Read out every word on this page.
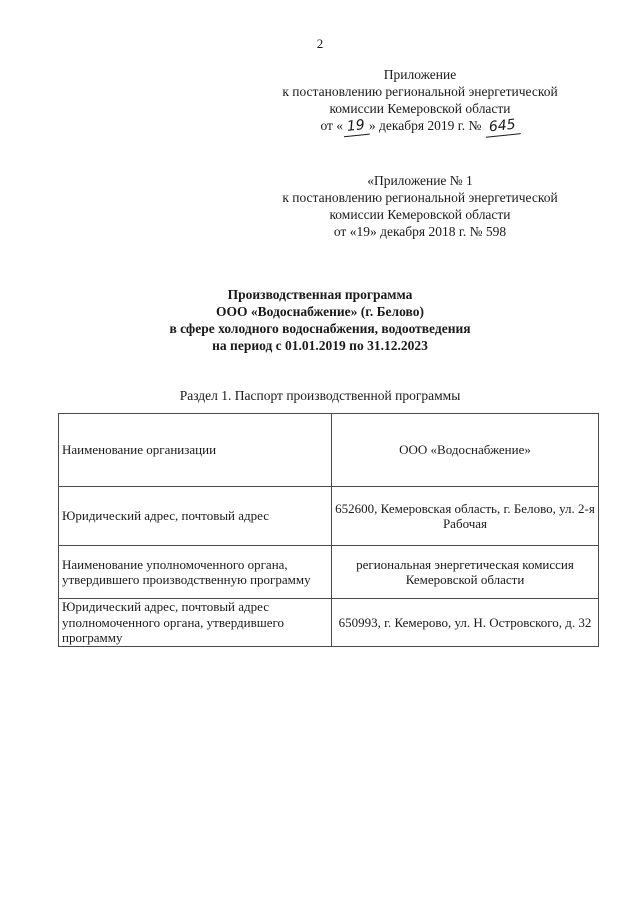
2
Приложение
к постановлению региональной энергетической
комиссии Кемеровской области
от « 19 » декабря 2019 г. № 645
«Приложение № 1
к постановлению региональной энергетической
комиссии Кемеровской области
от «19» декабря 2018 г. № 598
Производственная программа
ООО «Водоснабжение» (г. Белово)
в сфере холодного водоснабжения, водоотведения
на период с 01.01.2019 по 31.12.2023
Раздел 1. Паспорт производственной программы
Наименование организации	ООО «Водоснабжение»
Юридический адрес, почтовый адрес	652600, Кемеровская область, г. Белово, ул. 2-я Рабочая
Наименование уполномоченного органа, утвердившего производственную программу	региональная энергетическая комиссия Кемеровской области
Юридический адрес, почтовый адрес уполномоченного органа, утвердившего программу	650993, г. Кемерово, ул. Н. Островского, д. 32
